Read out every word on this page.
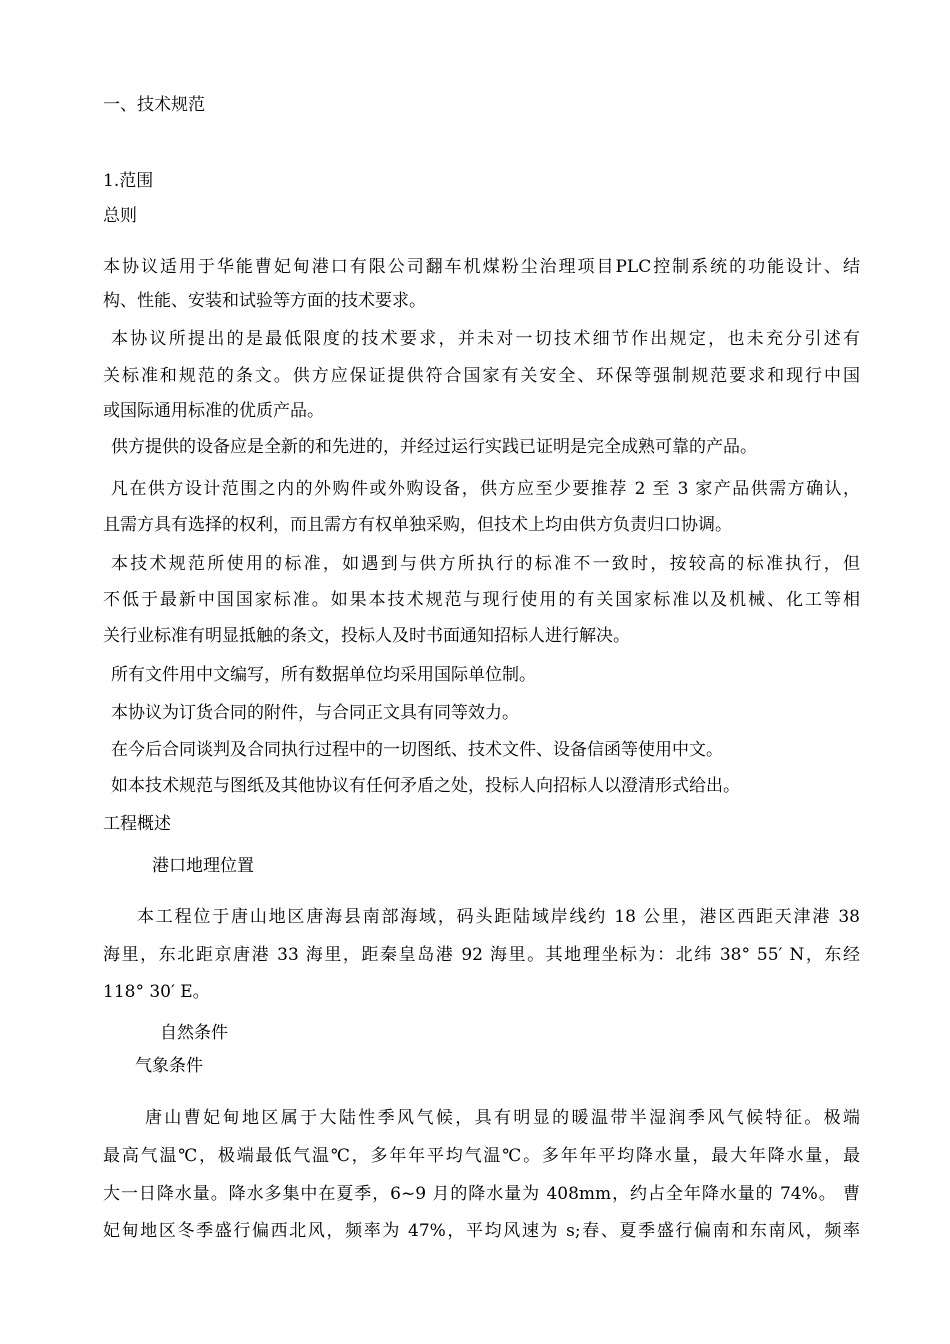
一、技术规范
1.范围
总则
本协议适用于华能曹妃甸港口有限公司翻车机煤粉尘治理项目PLC控制系统的功能设计、结
构、性能、安装和试验等方面的技术要求。
本协议所提出的是最低限度的技术要求，并未对一切技术细节作出规定，也未充分引述有
关标准和规范的条文。供方应保证提供符合国家有关安全、环保等强制规范要求和现行中国
或国际通用标准的优质产品。
供方提供的设备应是全新的和先进的，并经过运行实践已证明是完全成熟可靠的产品。
凡在供方设计范围之内的外购件或外购设备，供方应至少要推荐 2 至 3 家产品供需方确认，
且需方具有选择的权利，而且需方有权单独采购，但技术上均由供方负责归口协调。
本技术规范所使用的标准，如遇到与供方所执行的标准不一致时，按较高的标准执行，但
不低于最新中国国家标准。如果本技术规范与现行使用的有关国家标准以及机械、化工等相
关行业标准有明显抵触的条文，投标人及时书面通知招标人进行解决。
所有文件用中文编写，所有数据单位均采用国际单位制。
本协议为订货合同的附件，与合同正文具有同等效力。
在今后合同谈判及合同执行过程中的一切图纸、技术文件、设备信函等使用中文。
如本技术规范与图纸及其他协议有任何矛盾之处，投标人向招标人以澄清形式给出。
工程概述
港口地理位置
本工程位于唐山地区唐海县南部海域，码头距陆域岸线约 18 公里，港区西距天津港 38
海里，东北距京唐港 33 海里，距秦皇岛港 92 海里。其地理坐标为：北纬 38° 55′ N，东经
118° 30′ E。
自然条件
气象条件
唐山曹妃甸地区属于大陆性季风气候，具有明显的暖温带半湿润季风气候特征。极端
最高气温℃，极端最低气温℃，多年年平均气温℃。多年年平均降水量，最大年降水量，最
大一日降水量。降水多集中在夏季，6~9 月的降水量为 408mm，约占全年降水量的 74%。 曹
妃甸地区冬季盛行偏西北风，频率为 47%，平均风速为 s;春、夏季盛行偏南和东南风，频率
